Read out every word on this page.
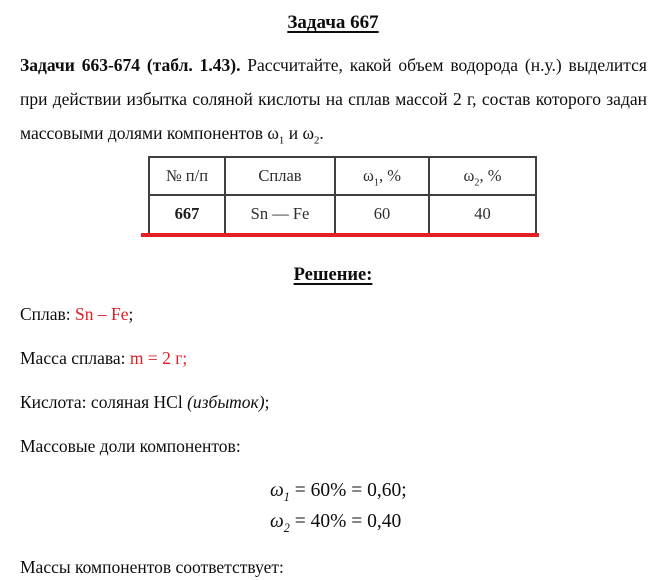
Задача 667

Задачи 663-674 (табл. 1.43). Рассчитайте, какой объем водорода (н.у.) выделится при действии избытка соляной кислоты на сплав массой 2 г, состав которого задан массовыми долями компонентов $\omega_1$ и $\omega_2$.

№ п/п	Сплав	$\omega_1$, %	$\omega_2$, %
667	Sn — Fe	60	40
Решение:

Сплав: Sn – Fe;

Масса сплава: m = 2 г;

Кислота: соляная HCl (избыток);

Массовые доли компонентов:

$\omega_1 = 60\% = 0,60$;

$\omega_2 = 40\% = 0,40$

Массы компонентов соответствует:
